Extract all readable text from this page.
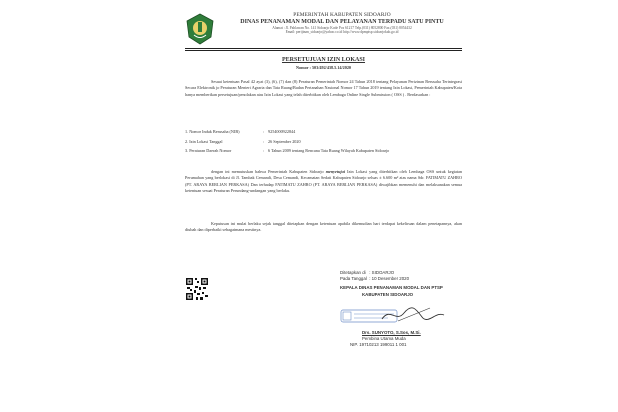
PEMERINTAH KABUPATEN SIDOARJO
DINAS PENANAMAN MODAL DAN PELAYANAN TERPADU SATU PINTU
Alamat : Jl. Pahlawan No. 141 Sidoarjo Kode Pos 61217 Telp.(031) 8052800 Fax.(031) 8054432
Email: perijinan_sidoarjo@yahoo.co.id http://www.dpmptsp.sidoarjokab.go.id
PERSETUJUAN IZIN LOKASI
Nomor : 503/492/438.5.14/2020
Sesuai ketentuan Pasal 42 ayat (3), (6), (7) dan (8) Peraturan Pemerintah Nomor 24 Tahun 2018 tentang Pelayanan Perizinan Berusaha Terintegrasi Secara Elektronik jo Peraturan Menteri Agraria dan Tata Ruang/Badan Pertanahan Nasional Nomor 17 Tahun 2019 tentang Izin Lokasi, Pemerintah Kabupaten/Kota hanya memberikan persetujuan/penolakan atas Izin Lokasi yang telah diterbitkan oleh Lembaga Online Single Submission ( OSS ) . Berdasarkan :
1. Nomor Induk Berusaha (NIB)	: 9254000922844
2. Izin Lokasi Tanggal	: 26 September 2020
3. Peraturan Daerah Nomor	: 6 Tahun 2009 tentang Rencana Tata Ruang Wilayah Kabupaten Sidoarjo
dengan ini memutuskan bahwa Pemerintah Kabupaten Sidoarjo menyetujui Izin Lokasi yang diterbitkan oleh Lembaga OSS untuk kegiatan Perumahan yang berlokasi di Jl. Tambak Cemandi, Desa Cemandi, Kecamatan Sedati Kabupaten Sidoarjo seluas ± 6.600 m² atas nama Sdr. FATIMATU ZAHRO (PT. ARAYA BERLIAN PERKASA) Dan terhadap FATIMATU ZAHRO (PT. ARAYA BERLIAN PERKASA) diwajibkan memenuhi dan melaksanakan semua ketentuan sesuai Peraturan Perundang-undangan yang berlaku.
Keputusan ini mulai berlaku sejak tanggal ditetapkan dengan ketentuan apabila dikemudian hari terdapat kekeliruan dalam penetapannya, akan diubah dan diperbaiki sebagaimana mestinya.
Ditetapkan di : SIDOARJO
Pada Tanggal : 10 Desember 2020
KEPALA DINAS PENANAMAN MODAL DAN PTSP
KABUPATEN SIDOARJO
Drs. SUNYOTO, S.Sos, M.Si.
Pembina Utama Muda
NIP. 19710213 199011 1 001
